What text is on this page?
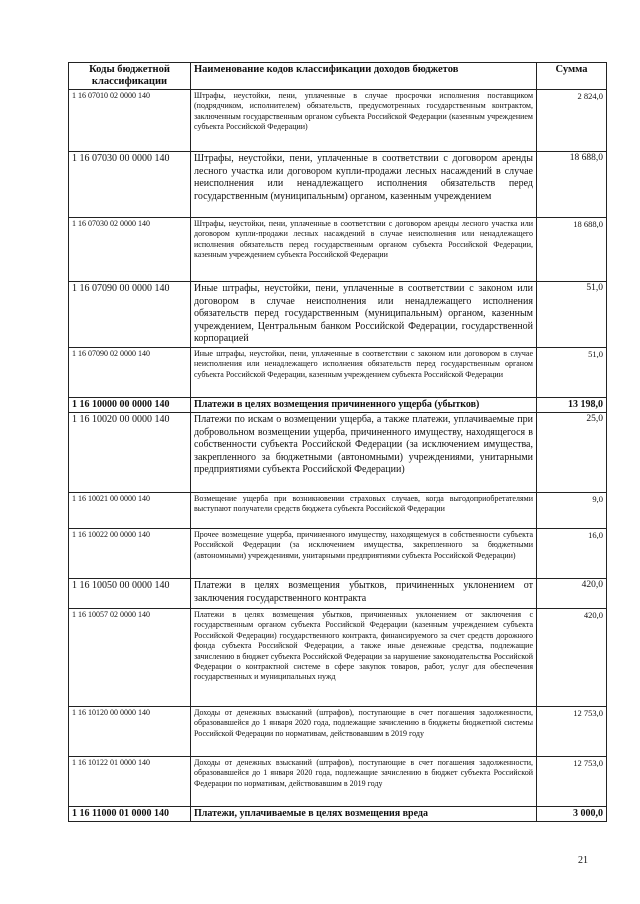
Коды бюджетной классификации	Наименование кодов классификации доходов бюджетов	Сумма
1 16 07010 02 0000 140	Штрафы, неустойки, пени, уплаченные в случае просрочки исполнения поставщиком (подрядчиком, исполнителем) обязательств, предусмотренных государственным контрактом, заключенным государственным органом субъекта Российской Федерации (казенным учреждением субъекта Российской Федерации)	2 824,0
1 16 07030 00 0000 140	Штрафы, неустойки, пени, уплаченные в соответствии с договором аренды лесного участка или договором купли-продажи лесных насаждений в случае неисполнения или ненадлежащего исполнения обязательств перед государственным (муниципальным) органом, казенным учреждением	18 688,0
1 16 07030 02 0000 140	Штрафы, неустойки, пени, уплаченные в соответствии с договором аренды лесного участка или договором купли-продажи лесных насаждений в случае неисполнения или ненадлежащего исполнения обязательств перед государственным органом субъекта Российской Федерации, казенным учреждением субъекта Российской Федерации	18 688,0
1 16 07090 00 0000 140	Иные штрафы, неустойки, пени, уплаченные в соответствии с законом или договором в случае неисполнения или ненадлежащего исполнения обязательств перед государственным (муниципальным) органом, казенным учреждением, Центральным банком Российской Федерации, государственной корпорацией	51,0
1 16 07090 02 0000 140	Иные штрафы, неустойки, пени, уплаченные в соответствии с законом или договором в случае неисполнения или ненадлежащего исполнения обязательств перед государственным органом субъекта Российской Федерации, казенным учреждением субъекта Российской Федерации	51,0
1 16 10000 00 0000 140	Платежи в целях возмещения причиненного ущерба (убытков)	13 198,0
1 16 10020 00 0000 140	Платежи по искам о возмещении ущерба, а также платежи, уплачиваемые при добровольном возмещении ущерба, причиненного имуществу, находящегося в собственности субъекта Российской Федерации (за исключением имущества, закрепленного за бюджетными (автономными) учреждениями, унитарными предприятиями субъекта Российской Федерации)	25,0
1 16 10021 00 0000 140	Возмещение ущерба при возникновении страховых случаев, когда выгодоприобретателями выступают получатели средств бюджета субъекта Российской Федерации	9,0
1 16 10022 00 0000 140	Прочее возмещение ущерба, причиненного имуществу, находящемуся в собственности субъекта Российской Федерации (за исключением имущества, закрепленного за бюджетными (автономными) учреждениями, унитарными предприятиями субъекта Российской Федерации)	16,0
1 16 10050 00 0000 140	Платежи в целях возмещения убытков, причиненных уклонением от заключения государственного контракта	420,0
1 16 10057 02 0000 140	Платежи в целях возмещения убытков, причиненных уклонением от заключения с государственным органом субъекта Российской Федерации (казенным учреждением субъекта Российской Федерации) государственного контракта, финансируемого за счет средств дорожного фонда субъекта Российской Федерации, а также иные денежные средства, подлежащие зачислению в бюджет субъекта Российской Федерации за нарушение законодательства Российской Федерации о контрактной системе в сфере закупок товаров, работ, услуг для обеспечения государственных и муниципальных нужд	420,0
1 16 10120 00 0000 140	Доходы от денежных взысканий (штрафов), поступающие в счет погашения задолженности, образовавшейся до 1 января 2020 года, подлежащие зачислению в бюджеты бюджетной системы Российской Федерации по нормативам, действовавшим в 2019 году	12 753,0
1 16 10122 01 0000 140	Доходы от денежных взысканий (штрафов), поступающие в счет погашения задолженности, образовавшейся до 1 января 2020 года, подлежащие зачислению в бюджет субъекта Российской Федерации по нормативам, действовавшим в 2019 году	12 753,0
1 16 11000 01 0000 140	Платежи, уплачиваемые в целях возмещения вреда	3 000,0
21
